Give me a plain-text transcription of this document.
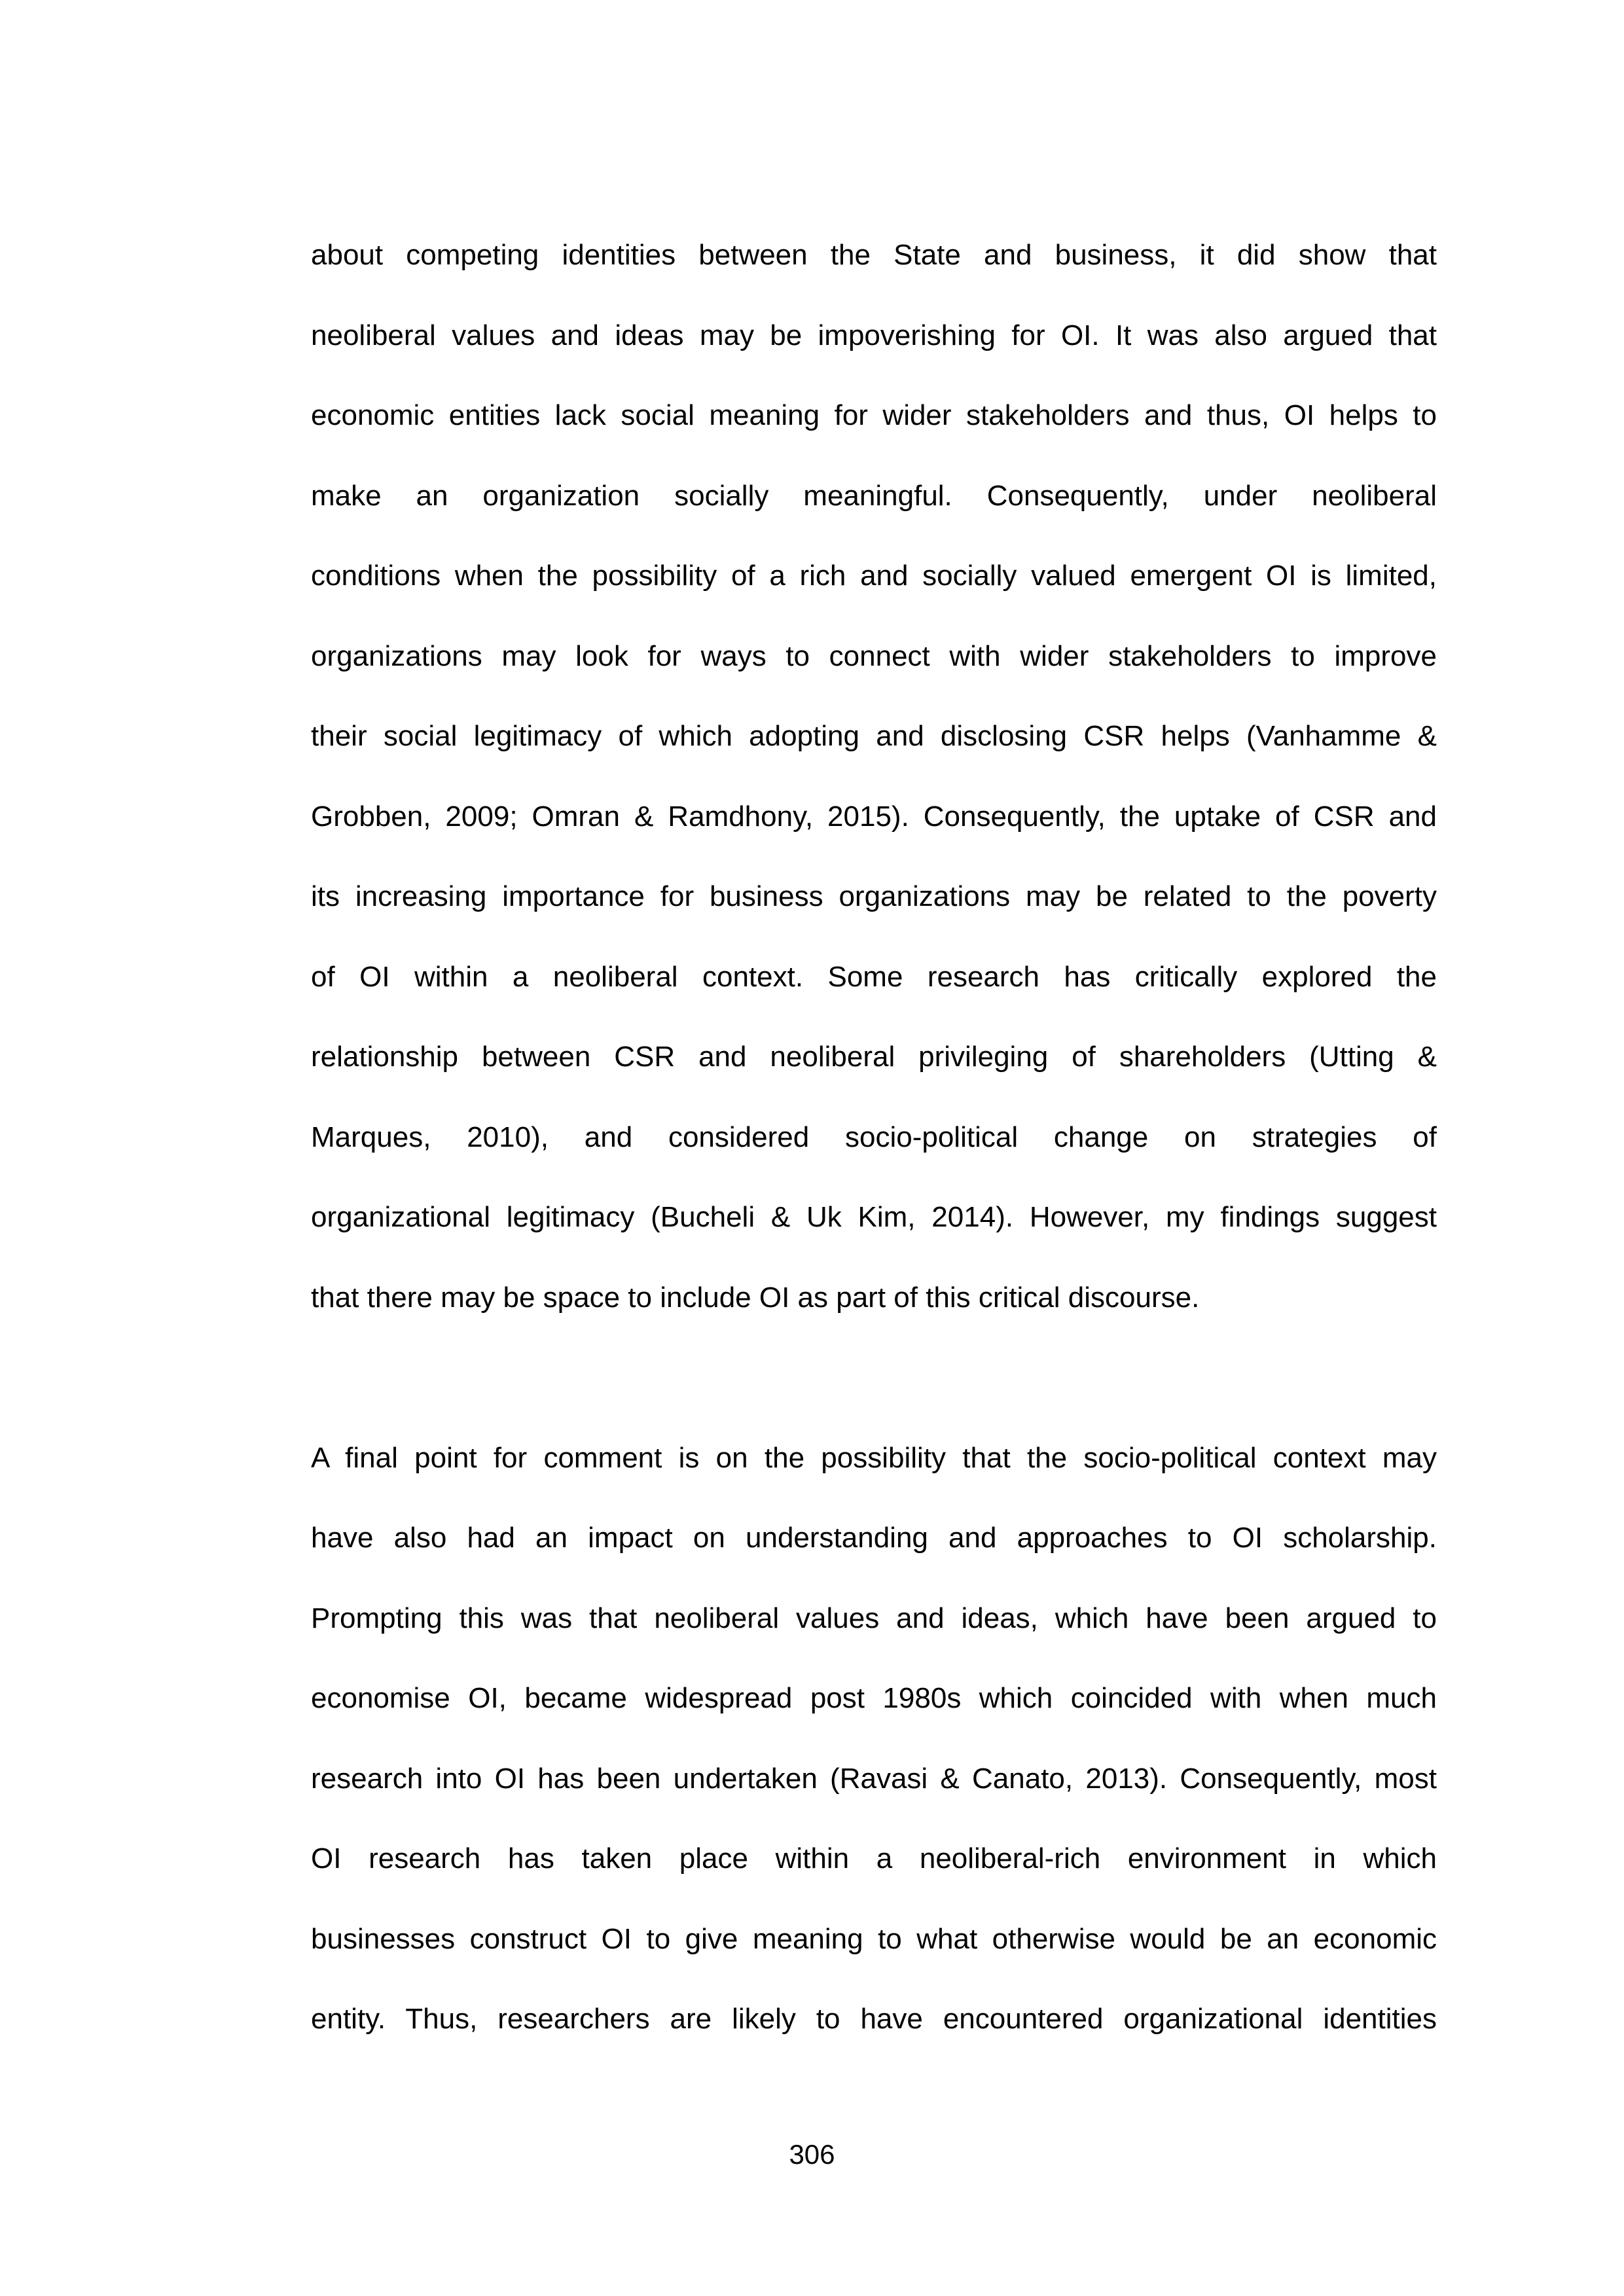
about competing identities between the State and business, it did show that
neoliberal values and ideas may be impoverishing for OI. It was also argued that
economic entities lack social meaning for wider stakeholders and thus, OI helps to
make an organization socially meaningful. Consequently, under neoliberal
conditions when the possibility of a rich and socially valued emergent OI is limited,
organizations may look for ways to connect with wider stakeholders to improve
their social legitimacy of which adopting and disclosing CSR helps (Vanhamme &
Grobben, 2009; Omran & Ramdhony, 2015). Consequently, the uptake of CSR and
its increasing importance for business organizations may be related to the poverty
of OI within a neoliberal context. Some research has critically explored the
relationship between CSR and neoliberal privileging of shareholders (Utting &
Marques, 2010), and considered socio-political change on strategies of
organizational legitimacy (Bucheli & Uk Kim, 2014). However, my findings suggest
that there may be space to include OI as part of this critical discourse.
A final point for comment is on the possibility that the socio-political context may
have also had an impact on understanding and approaches to OI scholarship.
Prompting this was that neoliberal values and ideas, which have been argued to
economise OI, became widespread post 1980s which coincided with when much
research into OI has been undertaken (Ravasi & Canato, 2013). Consequently, most
OI research has taken place within a neoliberal-rich environment in which
businesses construct OI to give meaning to what otherwise would be an economic
entity. Thus, researchers are likely to have encountered organizational identities
306
